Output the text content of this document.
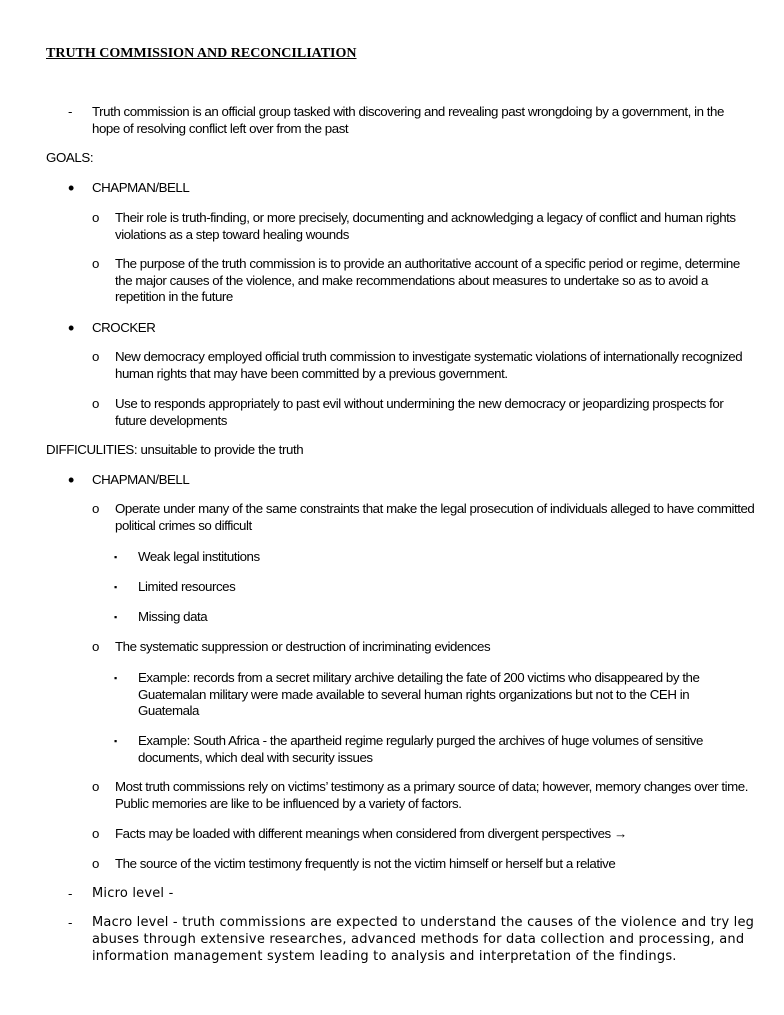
TRUTH COMMISSION AND RECONCILIATION
- Truth commission is an official group tasked with discovering and revealing past wrongdoing by a government, in the hope of resolving conflict left over from the past
GOALS:
• CHAPMAN/BELL
o Their role is truth-finding, or more precisely, documenting and acknowledging a legacy of conflict and human rights violations as a step toward healing wounds
o The purpose of the truth commission is to provide an authoritative account of a specific period or regime, determine the major causes of the violence, and make recommendations about measures to undertake so as to avoid a repetition in the future
• CROCKER
o New democracy employed official truth commission to investigate systematic violations of internationally recognized human rights that may have been committed by a previous government.
o Use to responds appropriately to past evil without undermining the new democracy or jeopardizing prospects for future developments
DIFFICULITIES: unsuitable to provide the truth
• CHAPMAN/BELL
o Operate under many of the same constraints that make the legal prosecution of individuals alleged to have committed political crimes so difficult
▪ Weak legal institutions
▪ Limited resources
▪ Missing data
o The systematic suppression or destruction of incriminating evidences
▪ Example: records from a secret military archive detailing the fate of 200 victims who disappeared by the Guatemalan military were made available to several human rights organizations but not to the CEH in Guatemala
▪ Example: South Africa - the apartheid regime regularly purged the archives of huge volumes of sensitive documents, which deal with security issues
o Most truth commissions rely on victims’ testimony as a primary source of data; however, memory changes over time. Public memories are like to be influenced by a variety of factors.
o Facts may be loaded with different meanings when considered from divergent perspectives →
o The source of the victim testimony frequently is not the victim himself or herself but a relative
- Micro level -
- Macro level - truth commissions are expected to understand the causes of the violence and try leg
abuses through extensive researches, advanced methods for data collection and processing, and
information management system leading to analysis and interpretation of the findings.
